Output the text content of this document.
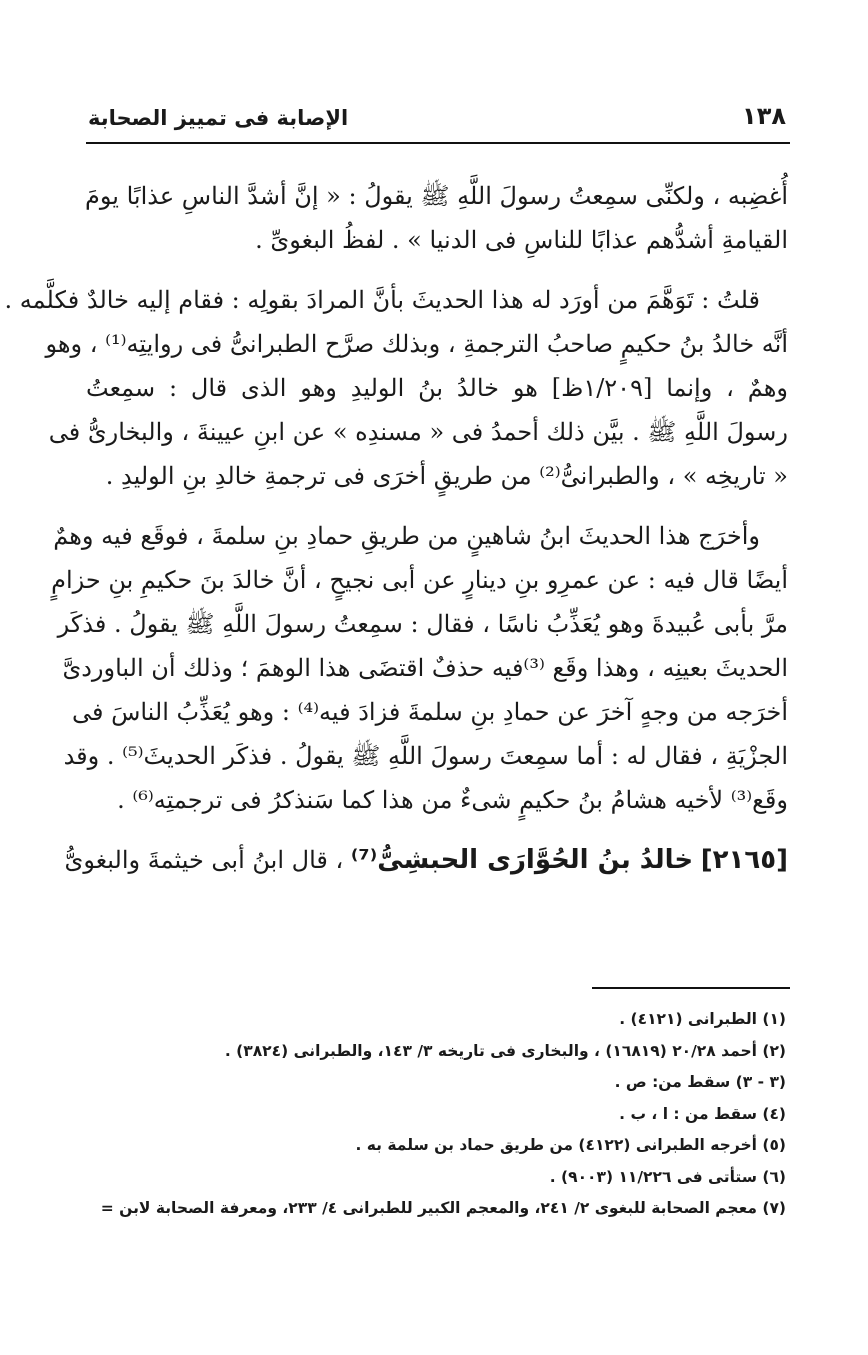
١٣٨
الإصابة فى تمييز الصحابة
أُغضِبه ، ولكنِّى سمِعتُ رسولَ اللَّهِ ﷺ يقولُ : « إنَّ أشدَّ الناسِ عذابًا يومَ
القيامةِ أشدُّهم عذابًا للناسِ فى الدنيا » . لفظُ البغوىِّ .
قلتُ : تَوَهَّمَ من أورَد له هذا الحديثَ بأنَّ المرادَ بقولِه : فقام إليه خالدٌ فكلَّمه .
أنَّه خالدُ بنُ حكيمٍ صاحبُ الترجمةِ ، وبذلك صرَّح الطبرانىُّ فى روايتِه⁽¹⁾ ، وهو
وهمٌ ، وإنما [١/٢٠٩ظ] هو خالدُ بنُ الوليدِ وهو الذى قال : سمِعتُ
رسولَ اللَّهِ ﷺ . بيَّن ذلك أحمدُ فى « مسندِه » عن ابنِ عيينةَ ، والبخارىُّ فى
« تاريخِه » ، والطبرانىُّ⁽²⁾ من طريقٍ أخرَى فى ترجمةِ خالدِ بنِ الوليدِ .
وأخرَج هذا الحديثَ ابنُ شاهينٍ من طريقِ حمادِ بنِ سلمةَ ، فوقَع فيه وهمٌ
أيضًا قال فيه : عن عمرِو بنِ دينارٍ عن أبى نجيحٍ ، أنَّ خالدَ بنَ حكيمِ بنِ حزامٍ
مرَّ بأبى عُبيدةَ وهو يُعَذِّبُ ناسًا ، فقال : سمِعتُ رسولَ اللَّهِ ﷺ يقولُ . فذكَر
الحديثَ بعينِه ، وهذا وقَع ⁽³⁾فيه حذفٌ اقتضَى هذا الوهمَ ؛ وذلك أن الباوردىَّ
أخرَجه من وجهٍ آخرَ عن حمادِ بنِ سلمةَ فزادَ فيه⁽⁴⁾ : وهو يُعَذِّبُ الناسَ فى
الجزْيَةِ ، فقال له : أما سمِعتَ رسولَ اللَّهِ ﷺ يقولُ . فذكَر الحديثَ⁽⁵⁾ . وقد
وقَع⁽³⁾ لأخيه هشامُ بنُ حكيمٍ شىءٌ من هذا كما سَنذكرُ فى ترجمتِه⁽⁶⁾ .
[٢١٦٥] خالدُ بنُ الحُوَّارَى الحبشِىُّ⁽⁷⁾ ، قال ابنُ أبى خيثمةَ والبغوىُّ
(١) الطبرانى (٤١٢١) .
(٢) أحمد ٢٠/٢٨ (١٦٨١٩) ، والبخارى فى تاريخه ٣/ ١٤٣، والطبرانى (٣٨٢٤) .
(٣ - ٣) سقط من: ص .
(٤) سقط من : ا ، ب .
(٥) أخرجه الطبرانى (٤١٢٢) من طريق حماد بن سلمة به .
(٦) ستأتى فى ١١/٢٢٦ (٩٠٠٣) .
(٧) معجم الصحابة للبغوى ٢/ ٢٤١، والمعجم الكبير للطبرانى ٤/ ٢٣٣، ومعرفة الصحابة لابن =
